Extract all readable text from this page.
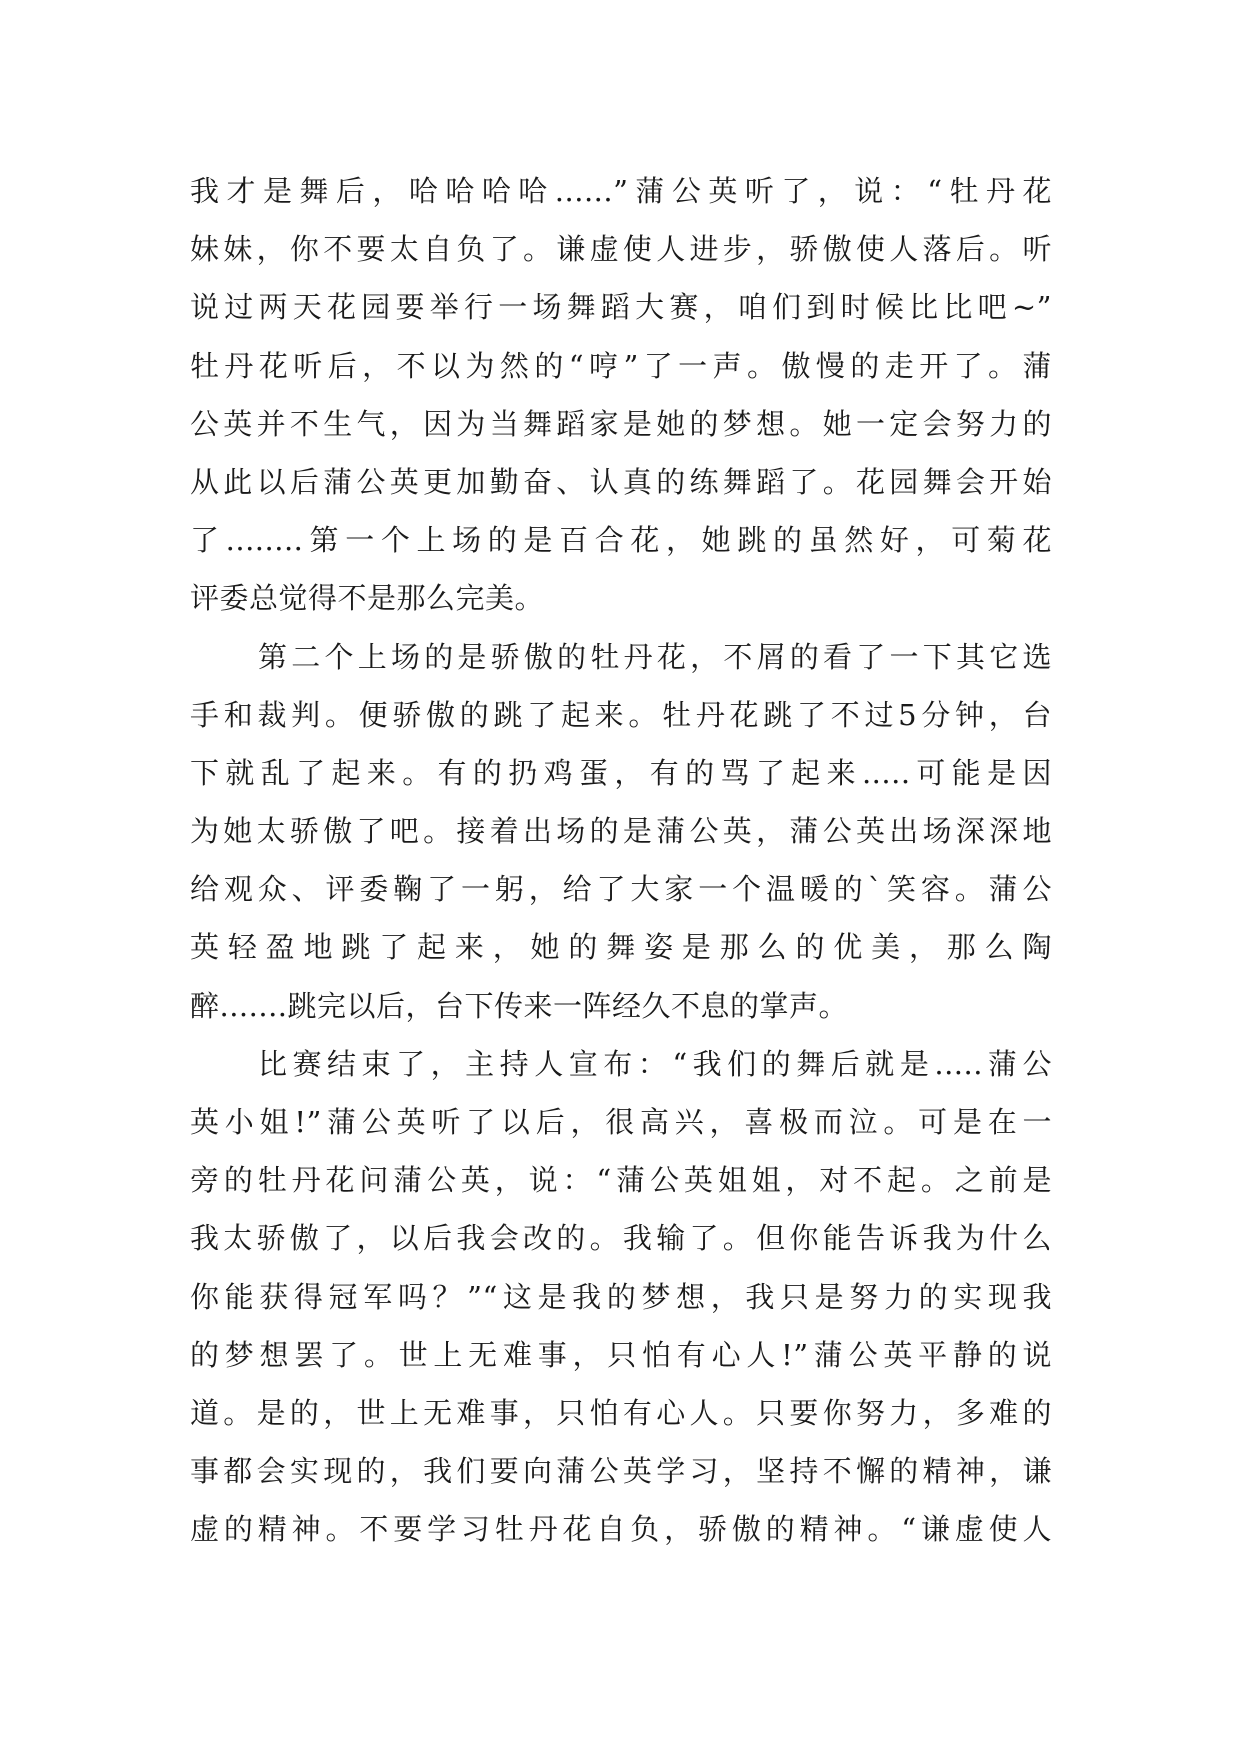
我才是舞后，哈哈哈哈......”蒲公英听了，说：“牡丹花
妹妹，你不要太自负了。谦虚使人进步，骄傲使人落后。听
说过两天花园要举行一场舞蹈大赛，咱们到时候比比吧~”
牡丹花听后，不以为然的“哼”了一声。傲慢的走开了。蒲
公英并不生气，因为当舞蹈家是她的梦想。她一定会努力的
从此以后蒲公英更加勤奋、认真的练舞蹈了。花园舞会开始
了........第一个上场的是百合花，她跳的虽然好，可菊花
评委总觉得不是那么完美。
第二个上场的是骄傲的牡丹花，不屑的看了一下其它选
手和裁判。便骄傲的跳了起来。牡丹花跳了不过5分钟，台
下就乱了起来。有的扔鸡蛋，有的骂了起来.....可能是因
为她太骄傲了吧。接着出场的是蒲公英，蒲公英出场深深地
给观众、评委鞠了一躬，给了大家一个温暖的`笑容。蒲公
英轻盈地跳了起来，她的舞姿是那么的优美，那么陶
醉.......跳完以后，台下传来一阵经久不息的掌声。
比赛结束了，主持人宣布：“我们的舞后就是.....蒲公
英小姐!”蒲公英听了以后，很高兴，喜极而泣。可是在一
旁的牡丹花问蒲公英，说：“蒲公英姐姐，对不起。之前是
我太骄傲了，以后我会改的。我输了。但你能告诉我为什么
你能获得冠军吗？”“这是我的梦想，我只是努力的实现我
的梦想罢了。世上无难事，只怕有心人!”蒲公英平静的说
道。是的，世上无难事，只怕有心人。只要你努力，多难的
事都会实现的，我们要向蒲公英学习，坚持不懈的精神，谦
虚的精神。不要学习牡丹花自负，骄傲的精神。“谦虚使人
